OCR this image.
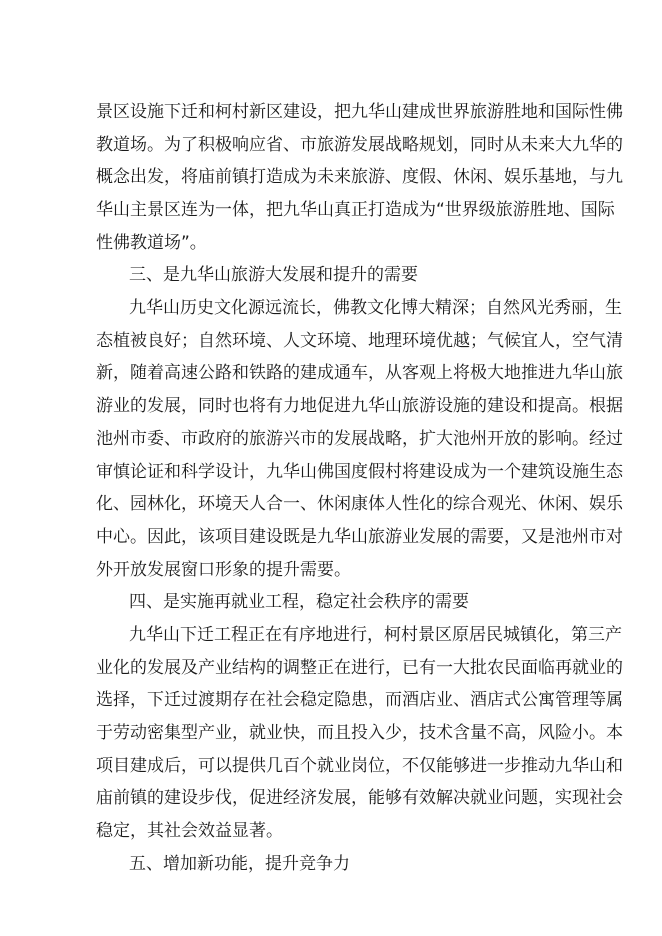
景区设施下迁和柯村新区建设，把九华山建成世界旅游胜地和国际性佛
教道场。为了积极响应省、市旅游发展战略规划，同时从未来大九华的
概念出发，将庙前镇打造成为未来旅游、度假、休闲、娱乐基地，与九
华山主景区连为一体，把九华山真正打造成为“世界级旅游胜地、国际
性佛教道场”。
三、是九华山旅游大发展和提升的需要
九华山历史文化源远流长，佛教文化博大精深；自然风光秀丽，生
态植被良好；自然环境、人文环境、地理环境优越；气候宜人，空气清
新，随着高速公路和铁路的建成通车，从客观上将极大地推进九华山旅
游业的发展，同时也将有力地促进九华山旅游设施的建设和提高。根据
池州市委、市政府的旅游兴市的发展战略，扩大池州开放的影响。经过
审慎论证和科学设计，九华山佛国度假村将建设成为一个建筑设施生态
化、园林化，环境天人合一、休闲康体人性化的综合观光、休闲、娱乐
中心。因此，该项目建设既是九华山旅游业发展的需要，又是池州市对
外开放发展窗口形象的提升需要。
四、是实施再就业工程，稳定社会秩序的需要
九华山下迁工程正在有序地进行，柯村景区原居民城镇化，第三产
业化的发展及产业结构的调整正在进行，已有一大批农民面临再就业的
选择，下迁过渡期存在社会稳定隐患，而酒店业、酒店式公寓管理等属
于劳动密集型产业，就业快，而且投入少，技术含量不高，风险小。本
项目建成后，可以提供几百个就业岗位，不仅能够进一步推动九华山和
庙前镇的建设步伐，促进经济发展，能够有效解决就业问题，实现社会
稳定，其社会效益显著。
五、增加新功能，提升竞争力
